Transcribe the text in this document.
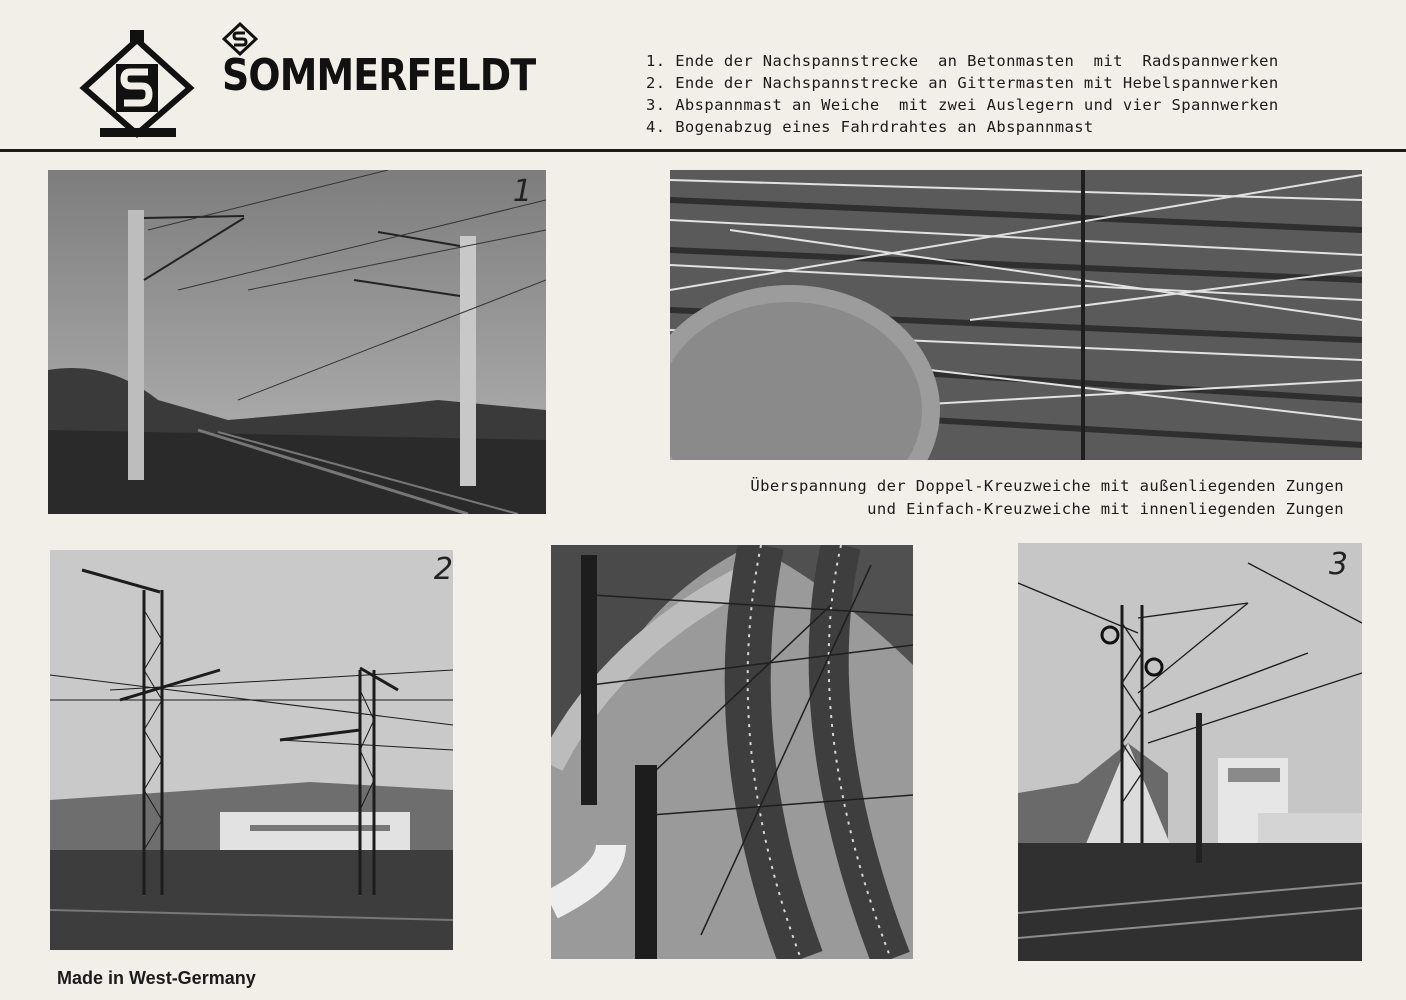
SOMMERFELDT	1. Ende der Nachspannstrecke  an Betonmasten  mit  Radspannwerken
2. Ende der Nachspannstrecke an Gittermasten mit Hebelspannwerken
3. Abspannmast an Weiche  mit zwei Auslegern und vier Spannwerken
4. Bogenabzug eines Fahrdrahtes an Abspannmast
1
Überspannung der Doppel-Kreuzweiche mit außenliegenden Zungen
und Einfach-Kreuzweiche mit innenliegenden Zungen
2	3
Made in West-Germany
